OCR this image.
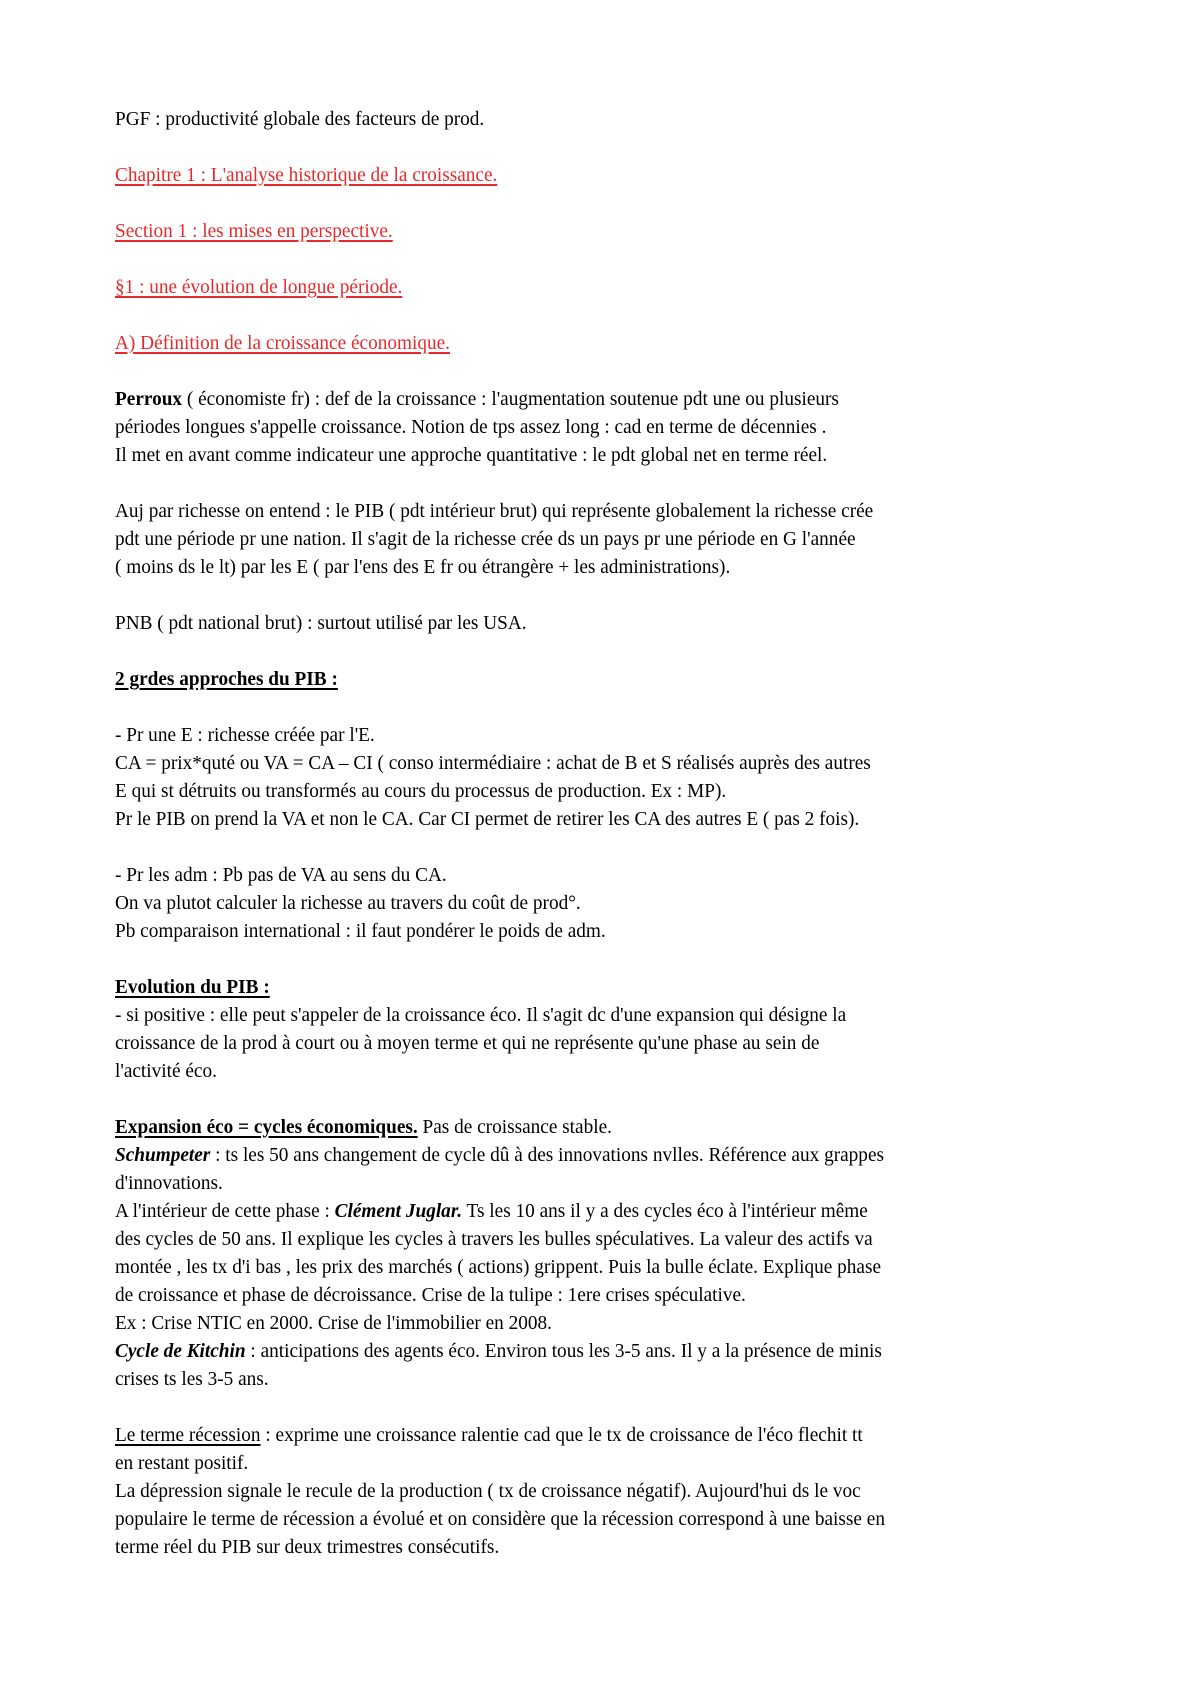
PGF : productivité globale des facteurs de prod.
Chapitre 1 : L'analyse historique de la croissance.
Section 1 : les mises en perspective.
§1 : une évolution de longue période.
A) Définition de la croissance économique.
Perroux ( économiste fr) : def de la croissance : l'augmentation soutenue pdt une ou plusieurs
périodes longues s'appelle croissance. Notion de tps assez long : cad en terme de décennies .
Il met en avant comme indicateur une approche quantitative : le pdt global net en terme réel.
Auj par richesse on entend : le PIB ( pdt intérieur brut) qui représente globalement la richesse crée
pdt une période pr une nation. Il s'agit de la richesse crée ds un pays pr une période en G l'année
( moins ds le lt) par les E ( par l'ens des E fr ou étrangère + les administrations).
PNB ( pdt national brut) : surtout utilisé par les USA.
2 grdes approches du PIB :
- Pr une E : richesse créée par l'E.
CA = prix*quté ou VA = CA – CI ( conso intermédiaire : achat de B et S réalisés auprès des autres
E qui st détruits ou transformés au cours du processus de production. Ex : MP).
Pr le PIB on prend la VA et non le CA. Car CI permet de retirer les CA des autres E ( pas 2 fois).
- Pr les adm : Pb pas de VA au sens du CA.
On va plutot calculer la richesse au travers du coût de prod°.
Pb comparaison international : il faut pondérer le poids de adm.
Evolution du PIB :
- si positive : elle peut s'appeler de la croissance éco. Il s'agit dc d'une expansion qui désigne la
croissance de la prod à court ou à moyen terme et qui ne représente qu'une phase au sein de
l'activité éco.
Expansion éco = cycles économiques. Pas de croissance stable.
Schumpeter : ts les 50 ans changement de cycle dû à des innovations nvlles. Référence aux grappes
d'innovations.
A l'intérieur de cette phase : Clément Juglar. Ts les 10 ans il y a des cycles éco à l'intérieur même
des cycles de 50 ans. Il explique les cycles à travers les bulles spéculatives. La valeur des actifs va
montée , les tx d'i bas , les prix des marchés ( actions) grippent. Puis la bulle éclate. Explique phase
de croissance et phase de décroissance. Crise de la tulipe : 1ere crises spéculative.
Ex : Crise NTIC en 2000. Crise de l'immobilier en 2008.
Cycle de Kitchin : anticipations des agents éco. Environ tous les 3-5 ans. Il y a la présence de minis
crises ts les 3-5 ans.
Le terme récession : exprime une croissance ralentie cad que le tx de croissance de l'éco flechit tt
en restant positif.
La dépression signale le recule de la production ( tx de croissance négatif). Aujourd'hui ds le voc
populaire le terme de récession a évolué et on considère que la récession correspond à une baisse en
terme réel du PIB sur deux trimestres consécutifs.
